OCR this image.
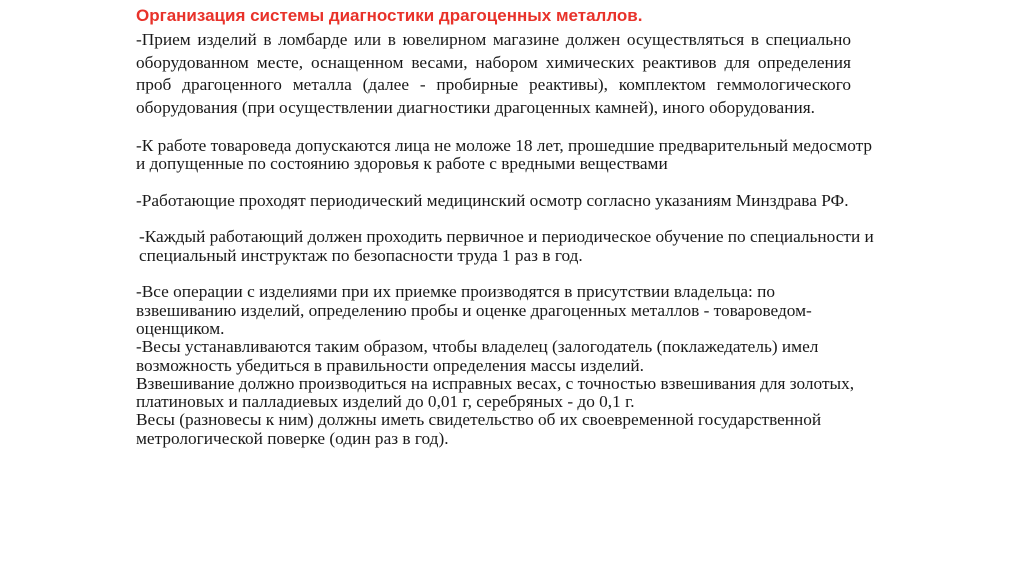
Организация системы диагностики драгоценных металлов.
-Прием изделий в ломбарде или в ювелирном магазине должен осуществляться в специально оборудованном месте, оснащенном весами, набором химических реактивов для определения проб драгоценного металла (далее - пробирные реактивы), комплектом геммологического оборудования (при осуществлении диагностики драгоценных камней), иного оборудования.

-К работе товароведа допускаются лица не моложе 18 лет, прошедшие предварительный медосмотр и допущенные по состоянию здоровья к работе с вредными веществами

-Работающие проходят периодический медицинский осмотр согласно указаниям Минздрава РФ.

-Каждый работающий должен проходить первичное и периодическое обучение по специальности и специальный инструктаж по безопасности труда 1 раз в год.

-Все операции с изделиями при их приемке производятся в присутствии владельца: по взвешиванию изделий, определению пробы и оценке драгоценных металлов - товароведом-оценщиком.

-Весы устанавливаются таким образом, чтобы владелец (залогодатель (поклажедатель) имел возможность убедиться в правильности определения массы изделий.

Взвешивание должно производиться на исправных весах, с точностью взвешивания для золотых, платиновых и палладиевых изделий до 0,01 г, серебряных - до 0,1 г.

Весы (разновесы к ним) должны иметь свидетельство об их своевременной государственной метрологической поверке (один раз в год).
